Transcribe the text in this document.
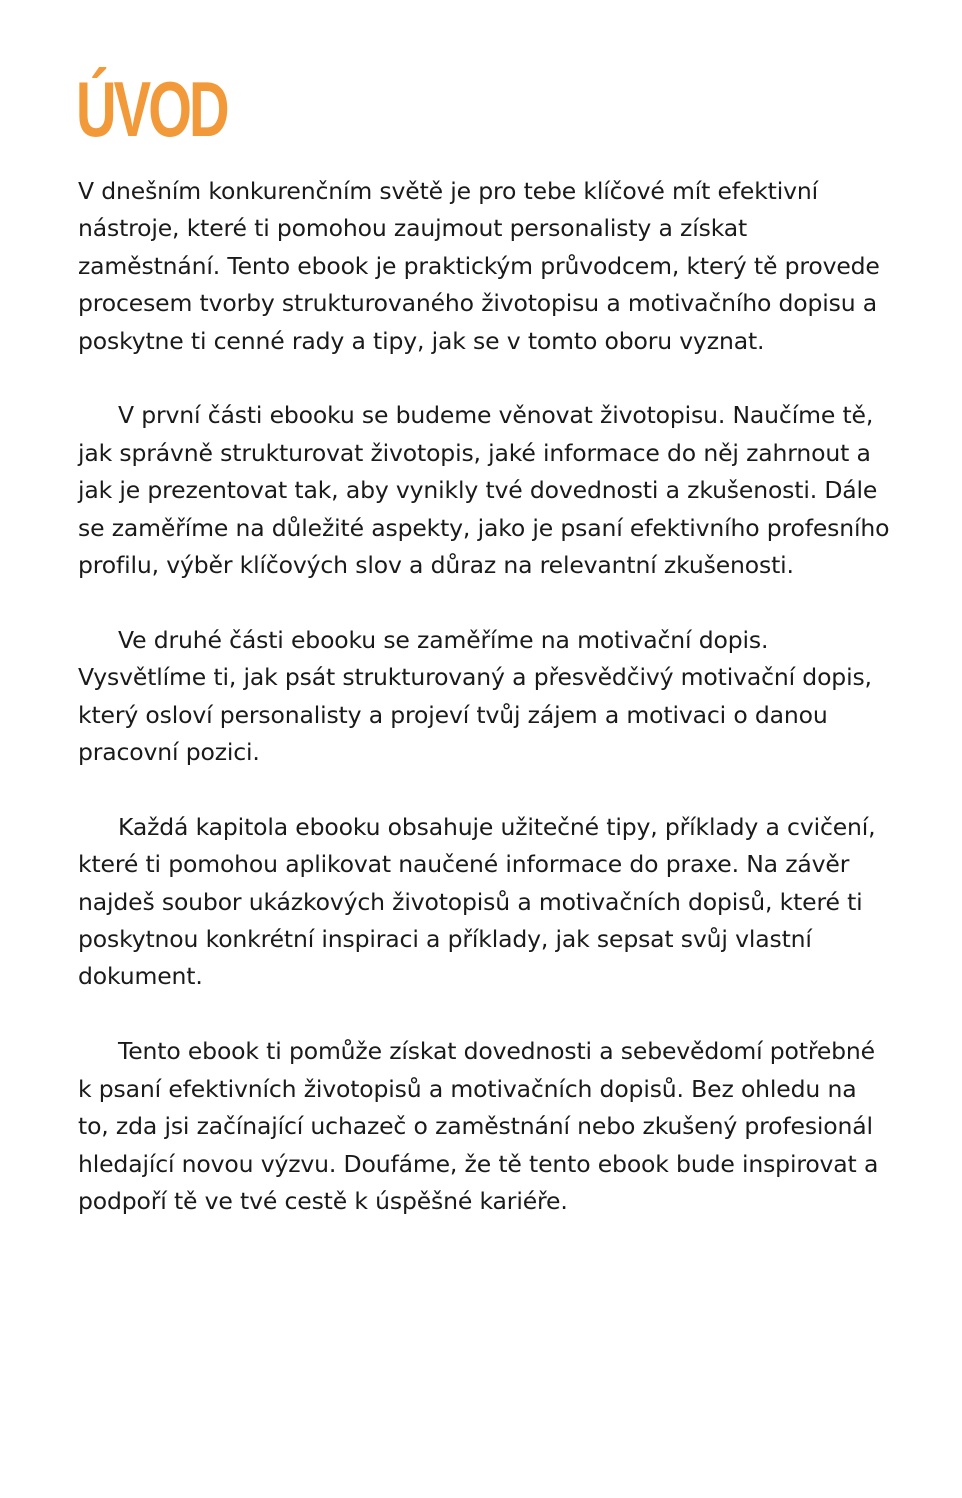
ÚVOD

V dnešním konkurenčním světě je pro tebe klíčové mít efektivní nástroje, které ti pomohou zaujmout personalisty a získat zaměstnání. Tento ebook je praktickým průvodcem, který tě provede procesem tvorby strukturovaného životopisu a motivačního dopisu a poskytne ti cenné rady a tipy, jak se v tomto oboru vyznat.

V první části ebooku se budeme věnovat životopisu. Naučíme tě, jak správně strukturovat životopis, jaké informace do něj zahrnout a jak je prezentovat tak, aby vynikly tvé dovednosti a zkušenosti. Dále se zaměříme na důležité aspekty, jako je psaní efektivního profesního profilu, výběr klíčových slov a důraz na relevantní zkušenosti.

Ve druhé části ebooku se zaměříme na motivační dopis. Vysvětlíme ti, jak psát strukturovaný a přesvědčivý motivační dopis, který osloví personalisty a projeví tvůj zájem a motivaci o danou pracovní pozici.

Každá kapitola ebooku obsahuje užitečné tipy, příklady a cvičení, které ti pomohou aplikovat naučené informace do praxe. Na závěr najdeš soubor ukázkových životopisů a motivačních dopisů, které ti poskytnou konkrétní inspiraci a příklady, jak sepsat svůj vlastní dokument.

Tento ebook ti pomůže získat dovednosti a sebevědomí potřebné k psaní efektivních životopisů a motivačních dopisů. Bez ohledu na to, zda jsi začínající uchazeč o zaměstnání nebo zkušený profesionál hledající novou výzvu. Doufáme, že tě tento ebook bude inspirovat a podpoří tě ve tvé cestě k úspěšné kariéře.
